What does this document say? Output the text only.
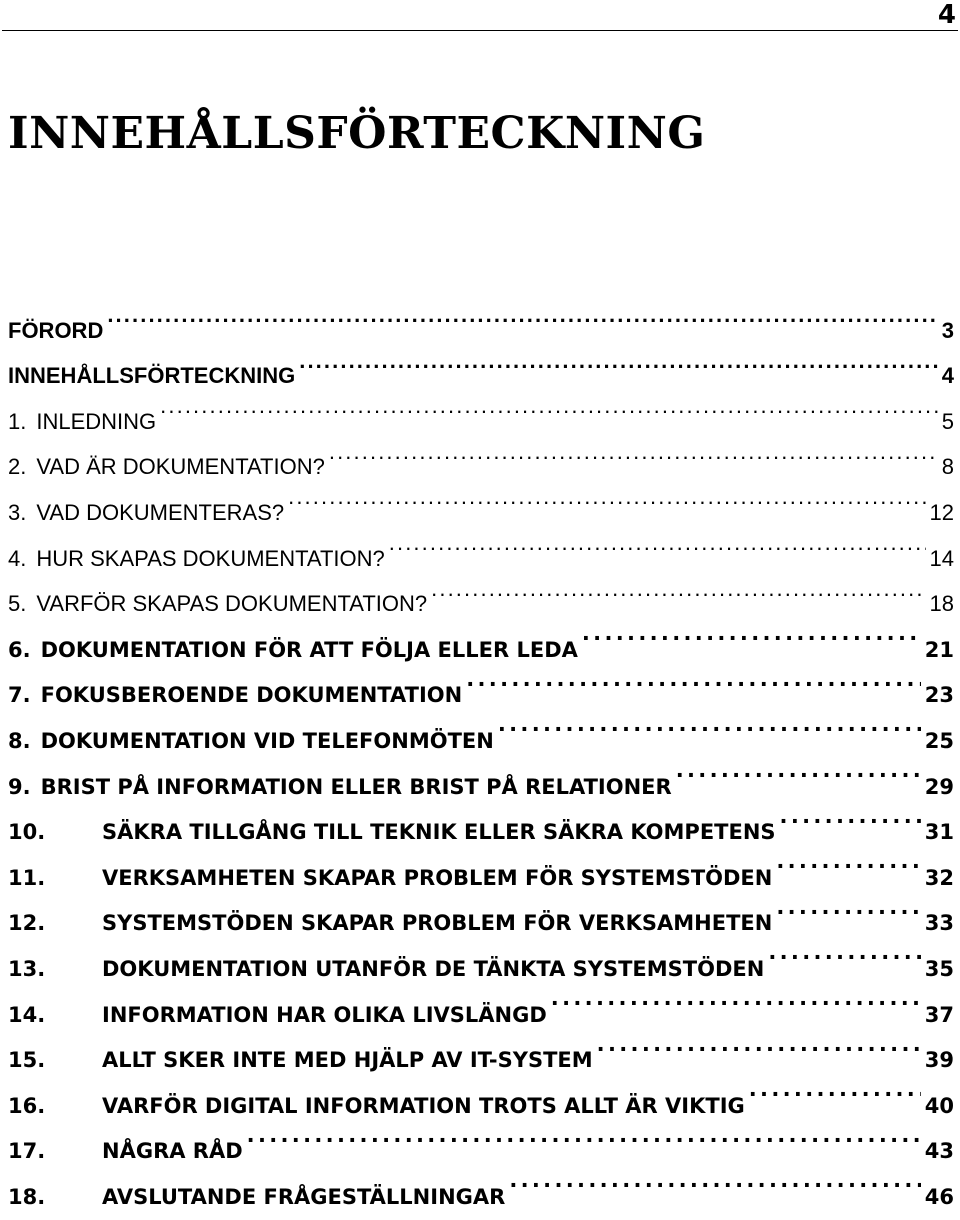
4
INNEHÅLLSFÖRTECKNING
FÖRORD . . .	3
INNEHÅLLSFÖRTECKNING . . .	4
1. INLEDNING . . .	5
2. VAD ÄR DOKUMENTATION? . . .	8
3. VAD DOKUMENTERAS? . . .	12
4. HUR SKAPAS DOKUMENTATION? . . .	14
5. VARFÖR SKAPAS DOKUMENTATION? . . .	18
6. DOKUMENTATION FÖR ATT FÖLJA ELLER LEDA . . .	21
7. FOKUSBEROENDE DOKUMENTATION . . .	23
8. DOKUMENTATION VID TELEFONMÖTEN . . .	25
9. BRIST PÅ INFORMATION ELLER BRIST PÅ RELATIONER . . .	29
10.	SÄKRA TILLGÅNG TILL TEKNIK ELLER SÄKRA KOMPETENS . . .	31
11.	VERKSAMHETEN SKAPAR PROBLEM FÖR SYSTEMSTÖDEN . . .	32
12.	SYSTEMSTÖDEN SKAPAR PROBLEM FÖR VERKSAMHETEN . . .	33
13.	DOKUMENTATION UTANFÖR DE TÄNKTA SYSTEMSTÖDEN . . .	35
14.	INFORMATION HAR OLIKA LIVSLÄNGD . . .	37
15.	ALLT SKER INTE MED HJÄLP AV IT-SYSTEM . . .	39
16.	VARFÖR DIGITAL INFORMATION TROTS ALLT ÄR VIKTIG . . .	40
17.	NÅGRA RÅD . . .	43
18.	AVSLUTANDE FRÅGESTÄLLNINGAR . . .	46
